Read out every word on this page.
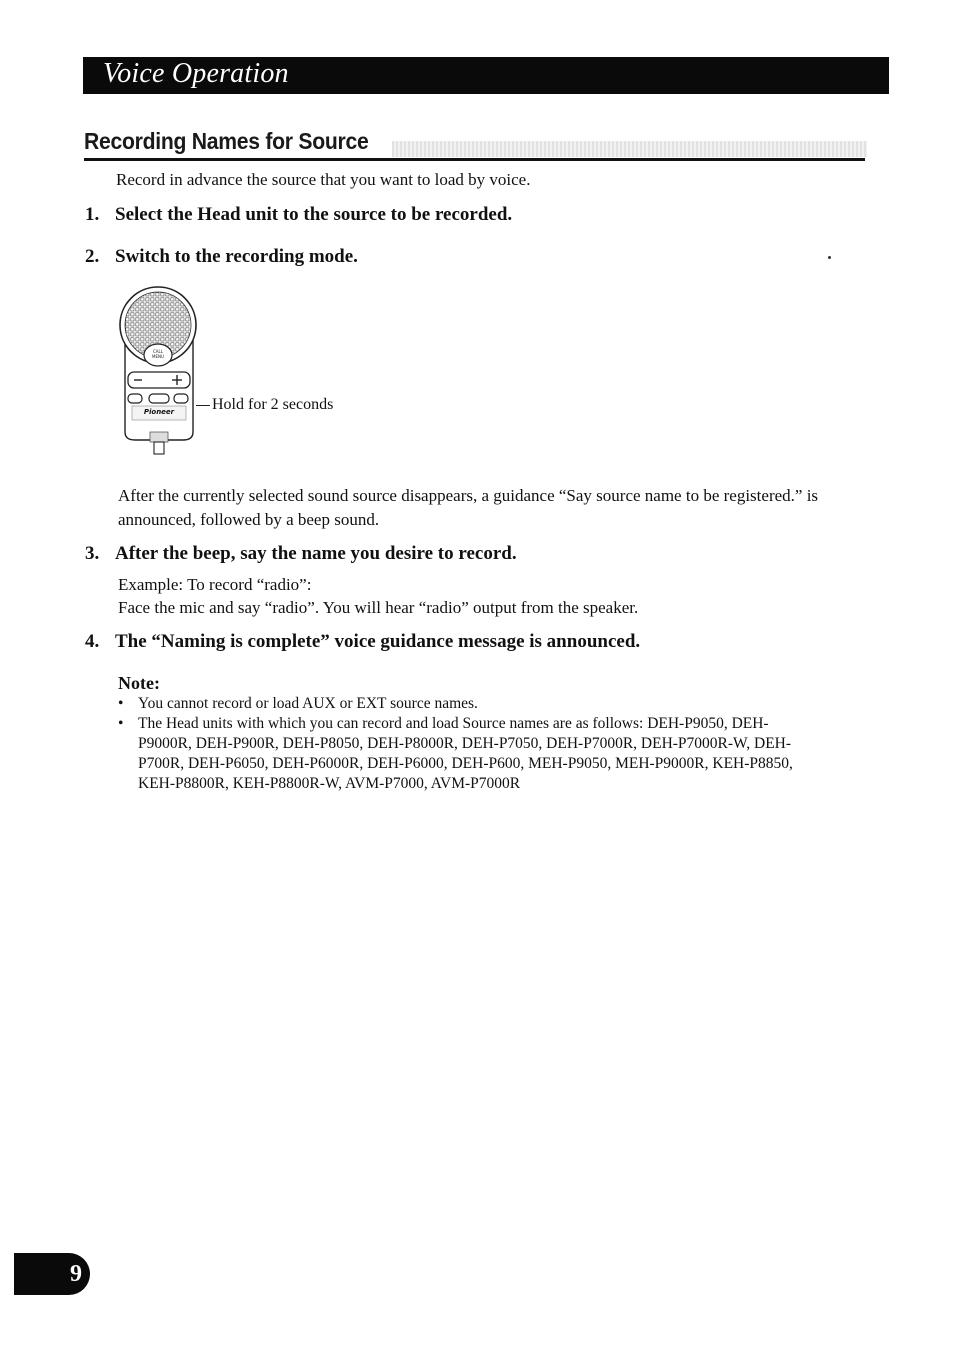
Voice Operation
Recording Names for Source
Record in advance the source that you want to load by voice.
1. Select the Head unit to the source to be recorded.
2. Switch to the recording mode.
CALL
MENU
Pioneer Hold for 2 seconds
After the currently selected sound source disappears, a guidance “Say source name to be registered.” is announced, followed by a beep sound.
3. After the beep, say the name you desire to record.
Example: To record “radio”:
Face the mic and say “radio”. You will hear “radio” output from the speaker.
4. The “Naming is complete” voice guidance message is announced.
Note:
• You cannot record or load AUX or EXT source names.
• The Head units with which you can record and load Source names are as follows: DEH-P9050, DEH-P9000R, DEH-P900R, DEH-P8050, DEH-P8000R, DEH-P7050, DEH-P7000R, DEH-P7000R-W, DEH-P700R, DEH-P6050, DEH-P6000R, DEH-P6000, DEH-P600, MEH-P9050, MEH-P9000R, KEH-P8850, KEH-P8800R, KEH-P8800R-W, AVM-P7000, AVM-P7000R
9
